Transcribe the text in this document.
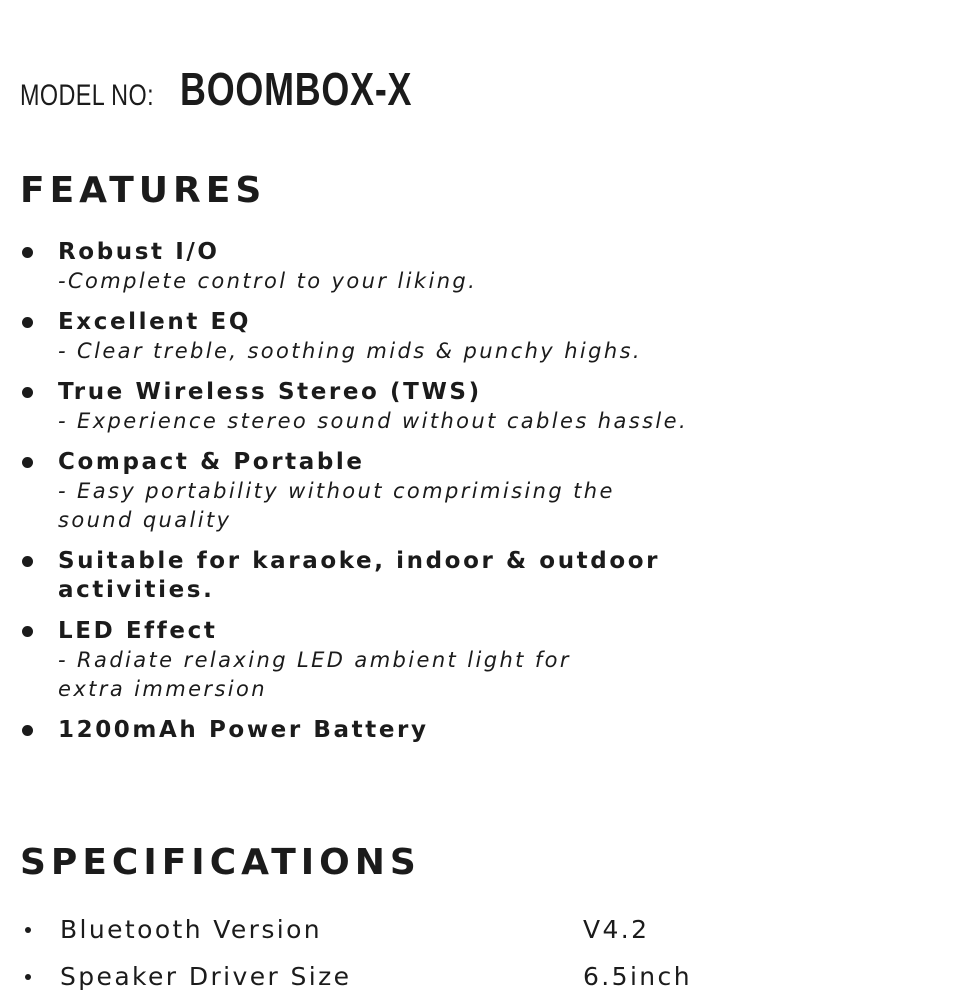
MODEL NO: BOOMBOX-X
FEATURES
Robust I/O
-Complete control to your liking.
Excellent EQ
- Clear treble, soothing mids & punchy highs.
True Wireless Stereo (TWS)
- Experience stereo sound without cables hassle.
Compact & Portable
- Easy portability without comprimising the
sound quality
Suitable for karaoke, indoor & outdoor
activities.
LED Effect
- Radiate relaxing LED ambient light for
extra immersion
1200mAh Power Battery
SPECIFICATIONS
Bluetooth Version	V4.2
Speaker Driver Size	6.5inch
